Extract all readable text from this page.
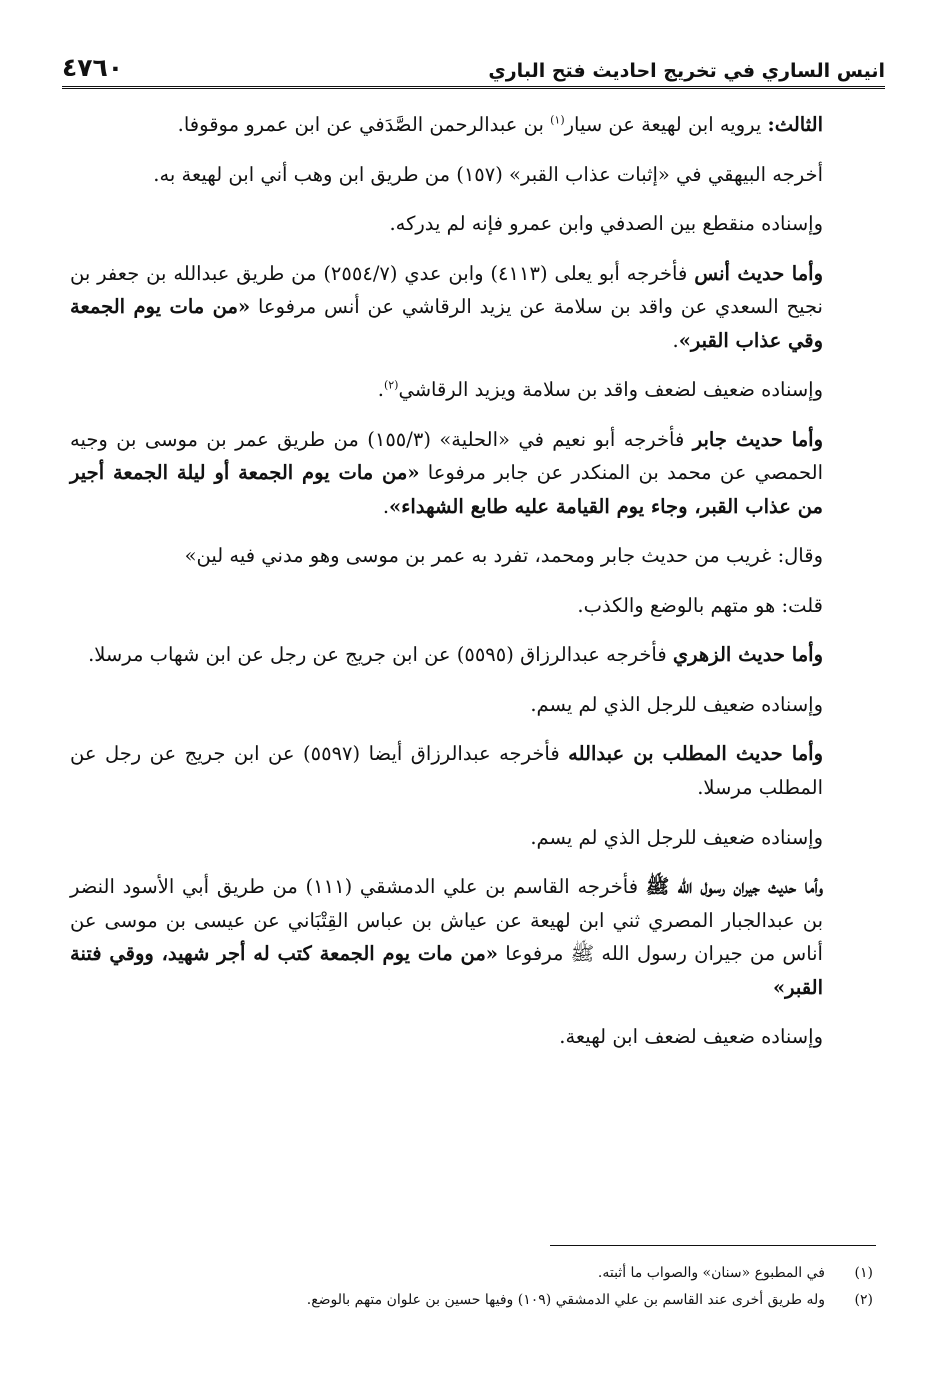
انيس الساري في تخريج احاديث فتح الباري
٤٧٦٠

الثالث: يرويه ابن لهيعة عن سيار$^{(١)}$ بن عبدالرحمن الصَّدَفي عن ابن عمرو موقوفا.

أخرجه البيهقي في «إثبات عذاب القبر» (١٥٧) من طريق ابن وهب أني ابن لهيعة به.

وإسناده منقطع بين الصدفي وابن عمرو فإنه لم يدركه.

وأما حديث أنس فأخرجه أبو يعلى (٤١١٣) وابن عدي (٢٥٥٤/٧) من طريق عبدالله بن جعفر بن نجيح السعدي عن واقد بن سلامة عن يزيد الرقاشي عن أنس مرفوعا «من مات يوم الجمعة وقي عذاب القبر».

وإسناده ضعيف لضعف واقد بن سلامة ويزيد الرقاشي$^{(٢)}$.

وأما حديث جابر فأخرجه أبو نعيم في «الحلية» (١٥٥/٣) من طريق عمر بن موسى بن وجيه الحمصي عن محمد بن المنكدر عن جابر مرفوعا «من مات يوم الجمعة أو ليلة الجمعة أجير من عذاب القبر، وجاء يوم القيامة عليه طابع الشهداء».

وقال: غريب من حديث جابر ومحمد، تفرد به عمر بن موسى وهو مدني فيه لين»

قلت: هو متهم بالوضع والكذب.

وأما حديث الزهري فأخرجه عبدالرزاق (٥٥٩٥) عن ابن جريج عن رجل عن ابن شهاب مرسلا.

وإسناده ضعيف للرجل الذي لم يسم.

وأما حديث المطلب بن عبدالله فأخرجه عبدالرزاق أيضا (٥٥٩٧) عن ابن جريج عن رجل عن المطلب مرسلا.

وإسناده ضعيف للرجل الذي لم يسم.

وأما حديث جيران رسول الله ﷺ فأخرجه القاسم بن علي الدمشقي (١١١) من طريق أبي الأسود النضر بن عبدالجبار المصري ثني ابن لهيعة عن عياش بن عباس القِتْبَاني عن عيسى بن موسى عن أناس من جيران رسول الله ﷺ مرفوعا «من مات يوم الجمعة كتب له أجر شهيد، ووقي فتنة القبر»

وإسناده ضعيف لضعف ابن لهيعة.

(١)
في المطبوع «سنان» والصواب ما أثبته.
(٢)
وله طريق أخرى عند القاسم بن علي الدمشقي (١٠٩) وفيها حسين بن علوان متهم بالوضع.
